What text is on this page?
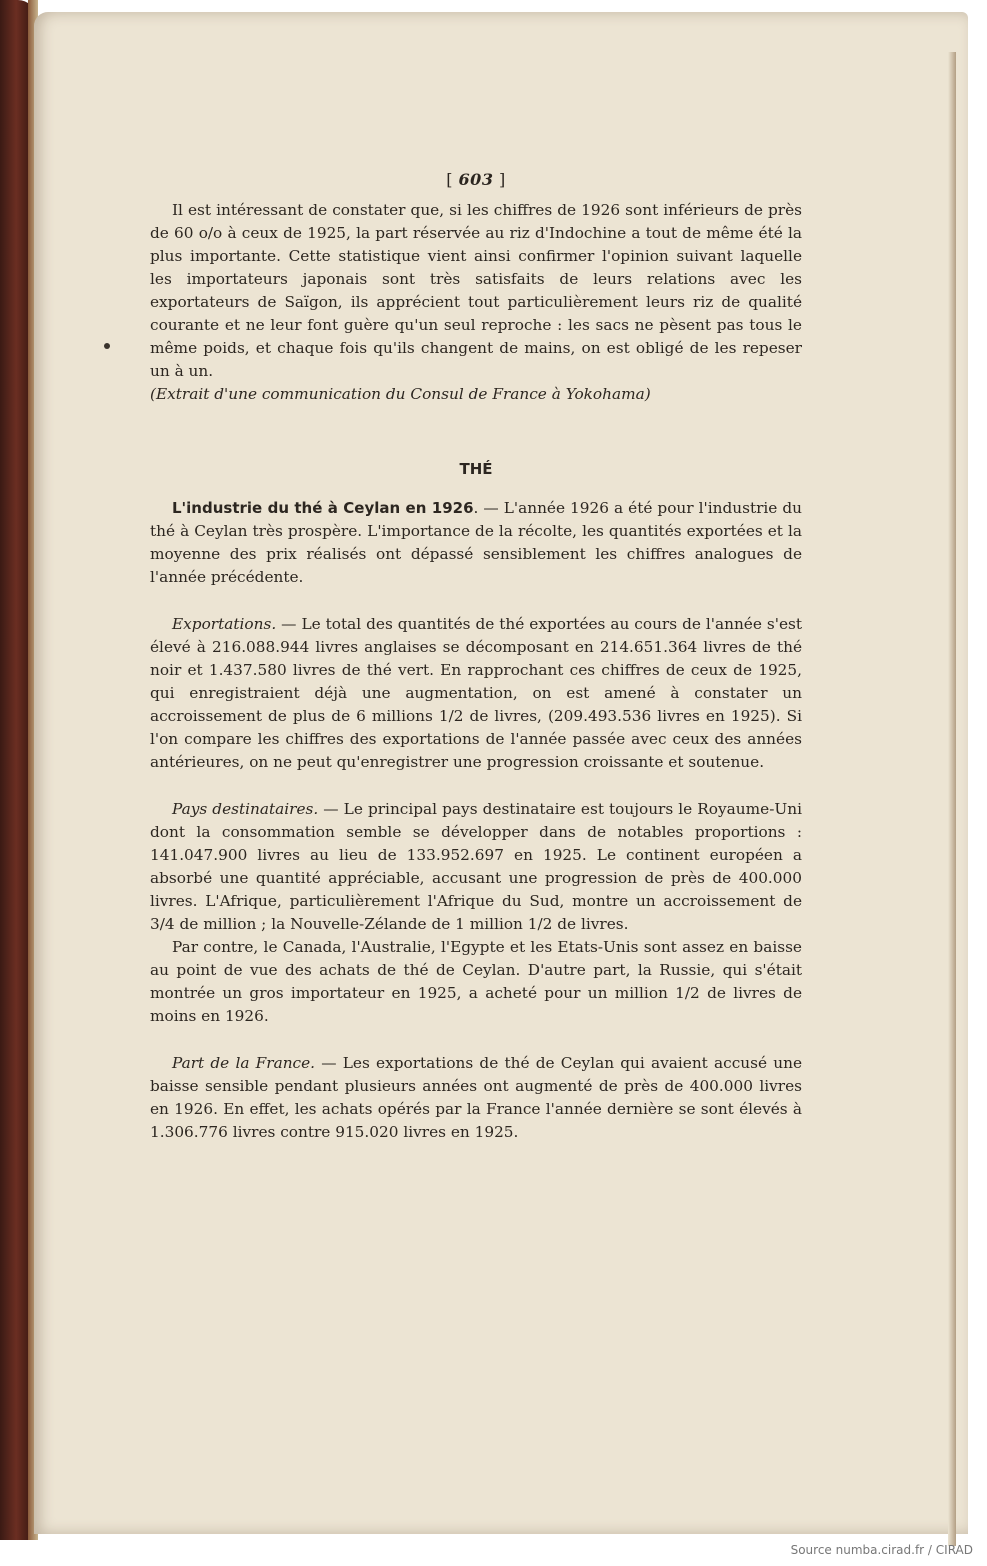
[ 603 ]

Il est intéressant de constater que, si les chiffres de 1926 sont inférieurs de près de 60 o/o à ceux de 1925, la part réservée au riz d'Indochine a tout de même été la plus importante. Cette statistique vient ainsi confirmer l'opinion suivant laquelle les importateurs japonais sont très satisfaits de leurs relations avec les exportateurs de Saïgon, ils apprécient tout particulièrement leurs riz de qualité courante et ne leur font guère qu'un seul reproche : les sacs ne pèsent pas tous le même poids, et chaque fois qu'ils changent de mains, on est obligé de les repeser un à un.

(Extrait d'une communication du Consul de France à Yokohama)

THÉ

L'industrie du thé à Ceylan en 1926. — L'année 1926 a été pour l'industrie du thé à Ceylan très prospère. L'importance de la récolte, les quantités exportées et la moyenne des prix réalisés ont dépassé sensiblement les chiffres analogues de l'année précédente.

Exportations. — Le total des quantités de thé exportées au cours de l'année s'est élevé à 216.088.944 livres anglaises se décomposant en 214.651.364 livres de thé noir et 1.437.580 livres de thé vert. En rapprochant ces chiffres de ceux de 1925, qui enregistraient déjà une augmentation, on est amené à constater un accroissement de plus de 6 millions 1/2 de livres, (209.493.536 livres en 1925). Si l'on compare les chiffres des exportations de l'année passée avec ceux des années antérieures, on ne peut qu'enregistrer une progression croissante et soutenue.

Pays destinataires. — Le principal pays destinataire est toujours le Royaume-Uni dont la consommation semble se développer dans de notables proportions : 141.047.900 livres au lieu de 133.952.697 en 1925. Le continent européen a absorbé une quantité appréciable, accusant une progression de près de 400.000 livres. L'Afrique, particulièrement l'Afrique du Sud, montre un accroissement de 3/4 de million ; la Nouvelle-Zélande de 1 million 1/2 de livres.

Par contre, le Canada, l'Australie, l'Egypte et les Etats-Unis sont assez en baisse au point de vue des achats de thé de Ceylan. D'autre part, la Russie, qui s'était montrée un gros importateur en 1925, a acheté pour un million 1/2 de livres de moins en 1926.

Part de la France. — Les exportations de thé de Ceylan qui avaient accusé une baisse sensible pendant plusieurs années ont augmenté de près de 400.000 livres en 1926. En effet, les achats opérés par la France l'année dernière se sont élevés à 1.306.776 livres contre 915.020 livres en 1925.

Source numba.cirad.fr / CIRAD
